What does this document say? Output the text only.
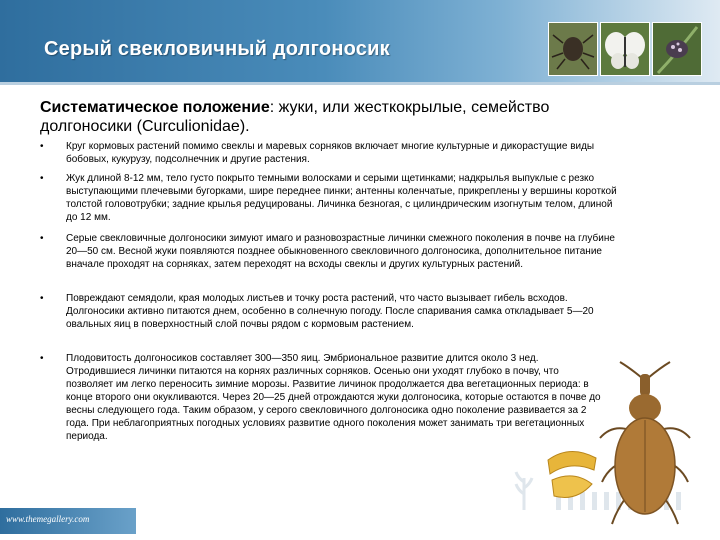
Серый свекловичный долгоносик
Систематическое положение: жуки, или жесткокрылые, семейство долгоносики (Curculionidae).
• Круг кормовых растений помимо свеклы и маревых сорняков включает многие культурные и дикорастущие виды бобовых, кукурузу, подсолнечник и другие растения.
• Жук длиной 8-12 мм, тело густо покрыто темными волосками и серыми щетинками; надкрылья выпуклые с резко выступающими плечевыми бугорками, шире переднее пинки; антенны коленчатые, прикреплены у вершины короткой толстой головотрубки; задние крылья редуцированы. Личинка безногая, с цилиндрическим изогнутым телом, длиной до 12 мм.
• Серые свекловичные долгоносики зимуют имаго и разновозрастные личинки смежного поколения в почве на глубине 20—50 см. Весной жуки появляются позднее обыкновенного свекловичного долгоносика, дополнительное питание вначале проходят на сорняках, затем переходят на всходы свеклы и других культурных растений.
• Повреждают семядоли, края молодых листьев и точку роста растений, что часто вызывает гибель всходов. Долгоносики активно питаются днем, особенно в солнечную погоду. После спаривания самка откладывает 5—20 овальных яиц в поверхностный слой почвы рядом с кормовым растением.
• Плодовитость долгоносиков составляет 300—350 яиц. Эмбриональное развитие длится около 3 нед. Отродившиеся личинки питаются на корнях различных сорняков. Осенью они уходят глубоко в почву, что позволяет им легко переносить зимние морозы. Развитие личинок продолжается два вегетационных периода: в конце второго они окукливаются. Через 20—25 дней отрождаются жуки долгоносика, которые остаются в почве до весны следующего года. Таким образом, у серого свекловичного долгоносика одно поколение развивается за 2 года. При неблагоприятных погодных условиях развитие одного поколения может занимать три вегетационных периода.
www.themegallery.com
